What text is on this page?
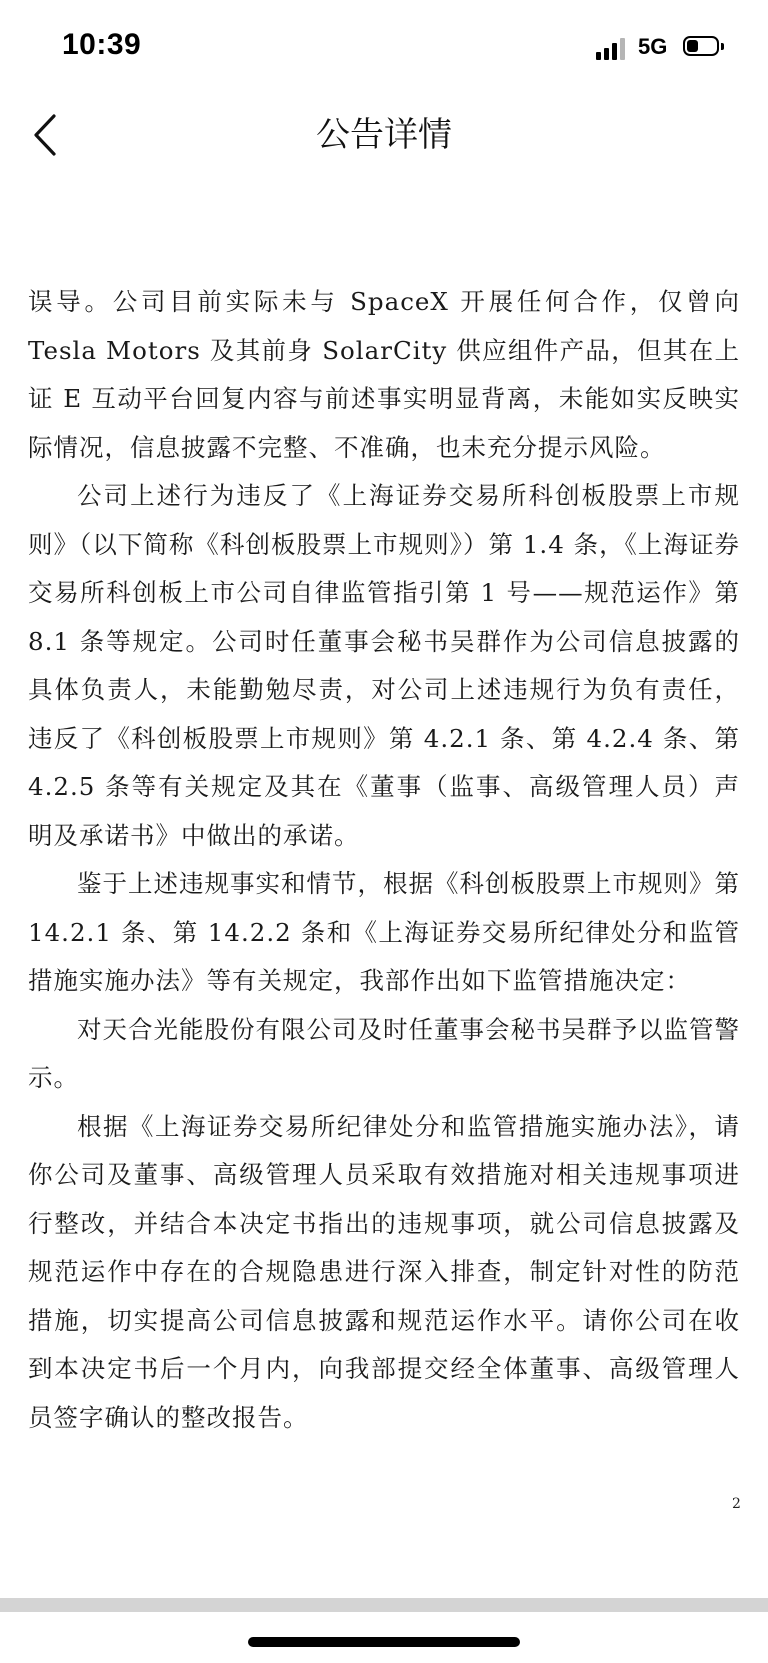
10:39	5G
公告详情

误导。公司目前实际未与 SpaceX 开展任何合作，仅曾向 Tesla Motors 及其前身 SolarCity 供应组件产品，但其在上证 E 互动平台回复内容与前述事实明显背离，未能如实反映实际情况，信息披露不完整、不准确，也未充分提示风险。

公司上述行为违反了《上海证券交易所科创板股票上市规则》（以下简称《科创板股票上市规则》）第 1.4 条，《上海证券交易所科创板上市公司自律监管指引第 1 号——规范运作》第 8.1 条等规定。公司时任董事会秘书吴群作为公司信息披露的具体负责人，未能勤勉尽责，对公司上述违规行为负有责任，违反了《科创板股票上市规则》第 4.2.1 条、第 4.2.4 条、第 4.2.5 条等有关规定及其在《董事（监事、高级管理人员）声明及承诺书》中做出的承诺。

鉴于上述违规事实和情节，根据《科创板股票上市规则》第 14.2.1 条、第 14.2.2 条和《上海证券交易所纪律处分和监管措施实施办法》等有关规定，我部作出如下监管措施决定：

对天合光能股份有限公司及时任董事会秘书吴群予以监管警示。

根据《上海证券交易所纪律处分和监管措施实施办法》，请你公司及董事、高级管理人员采取有效措施对相关违规事项进行整改，并结合本决定书指出的违规事项，就公司信息披露及规范运作中存在的合规隐患进行深入排查，制定针对性的防范措施，切实提高公司信息披露和规范运作水平。请你公司在收到本决定书后一个月内，向我部提交经全体董事、高级管理人员签字确认的整改报告。

2
